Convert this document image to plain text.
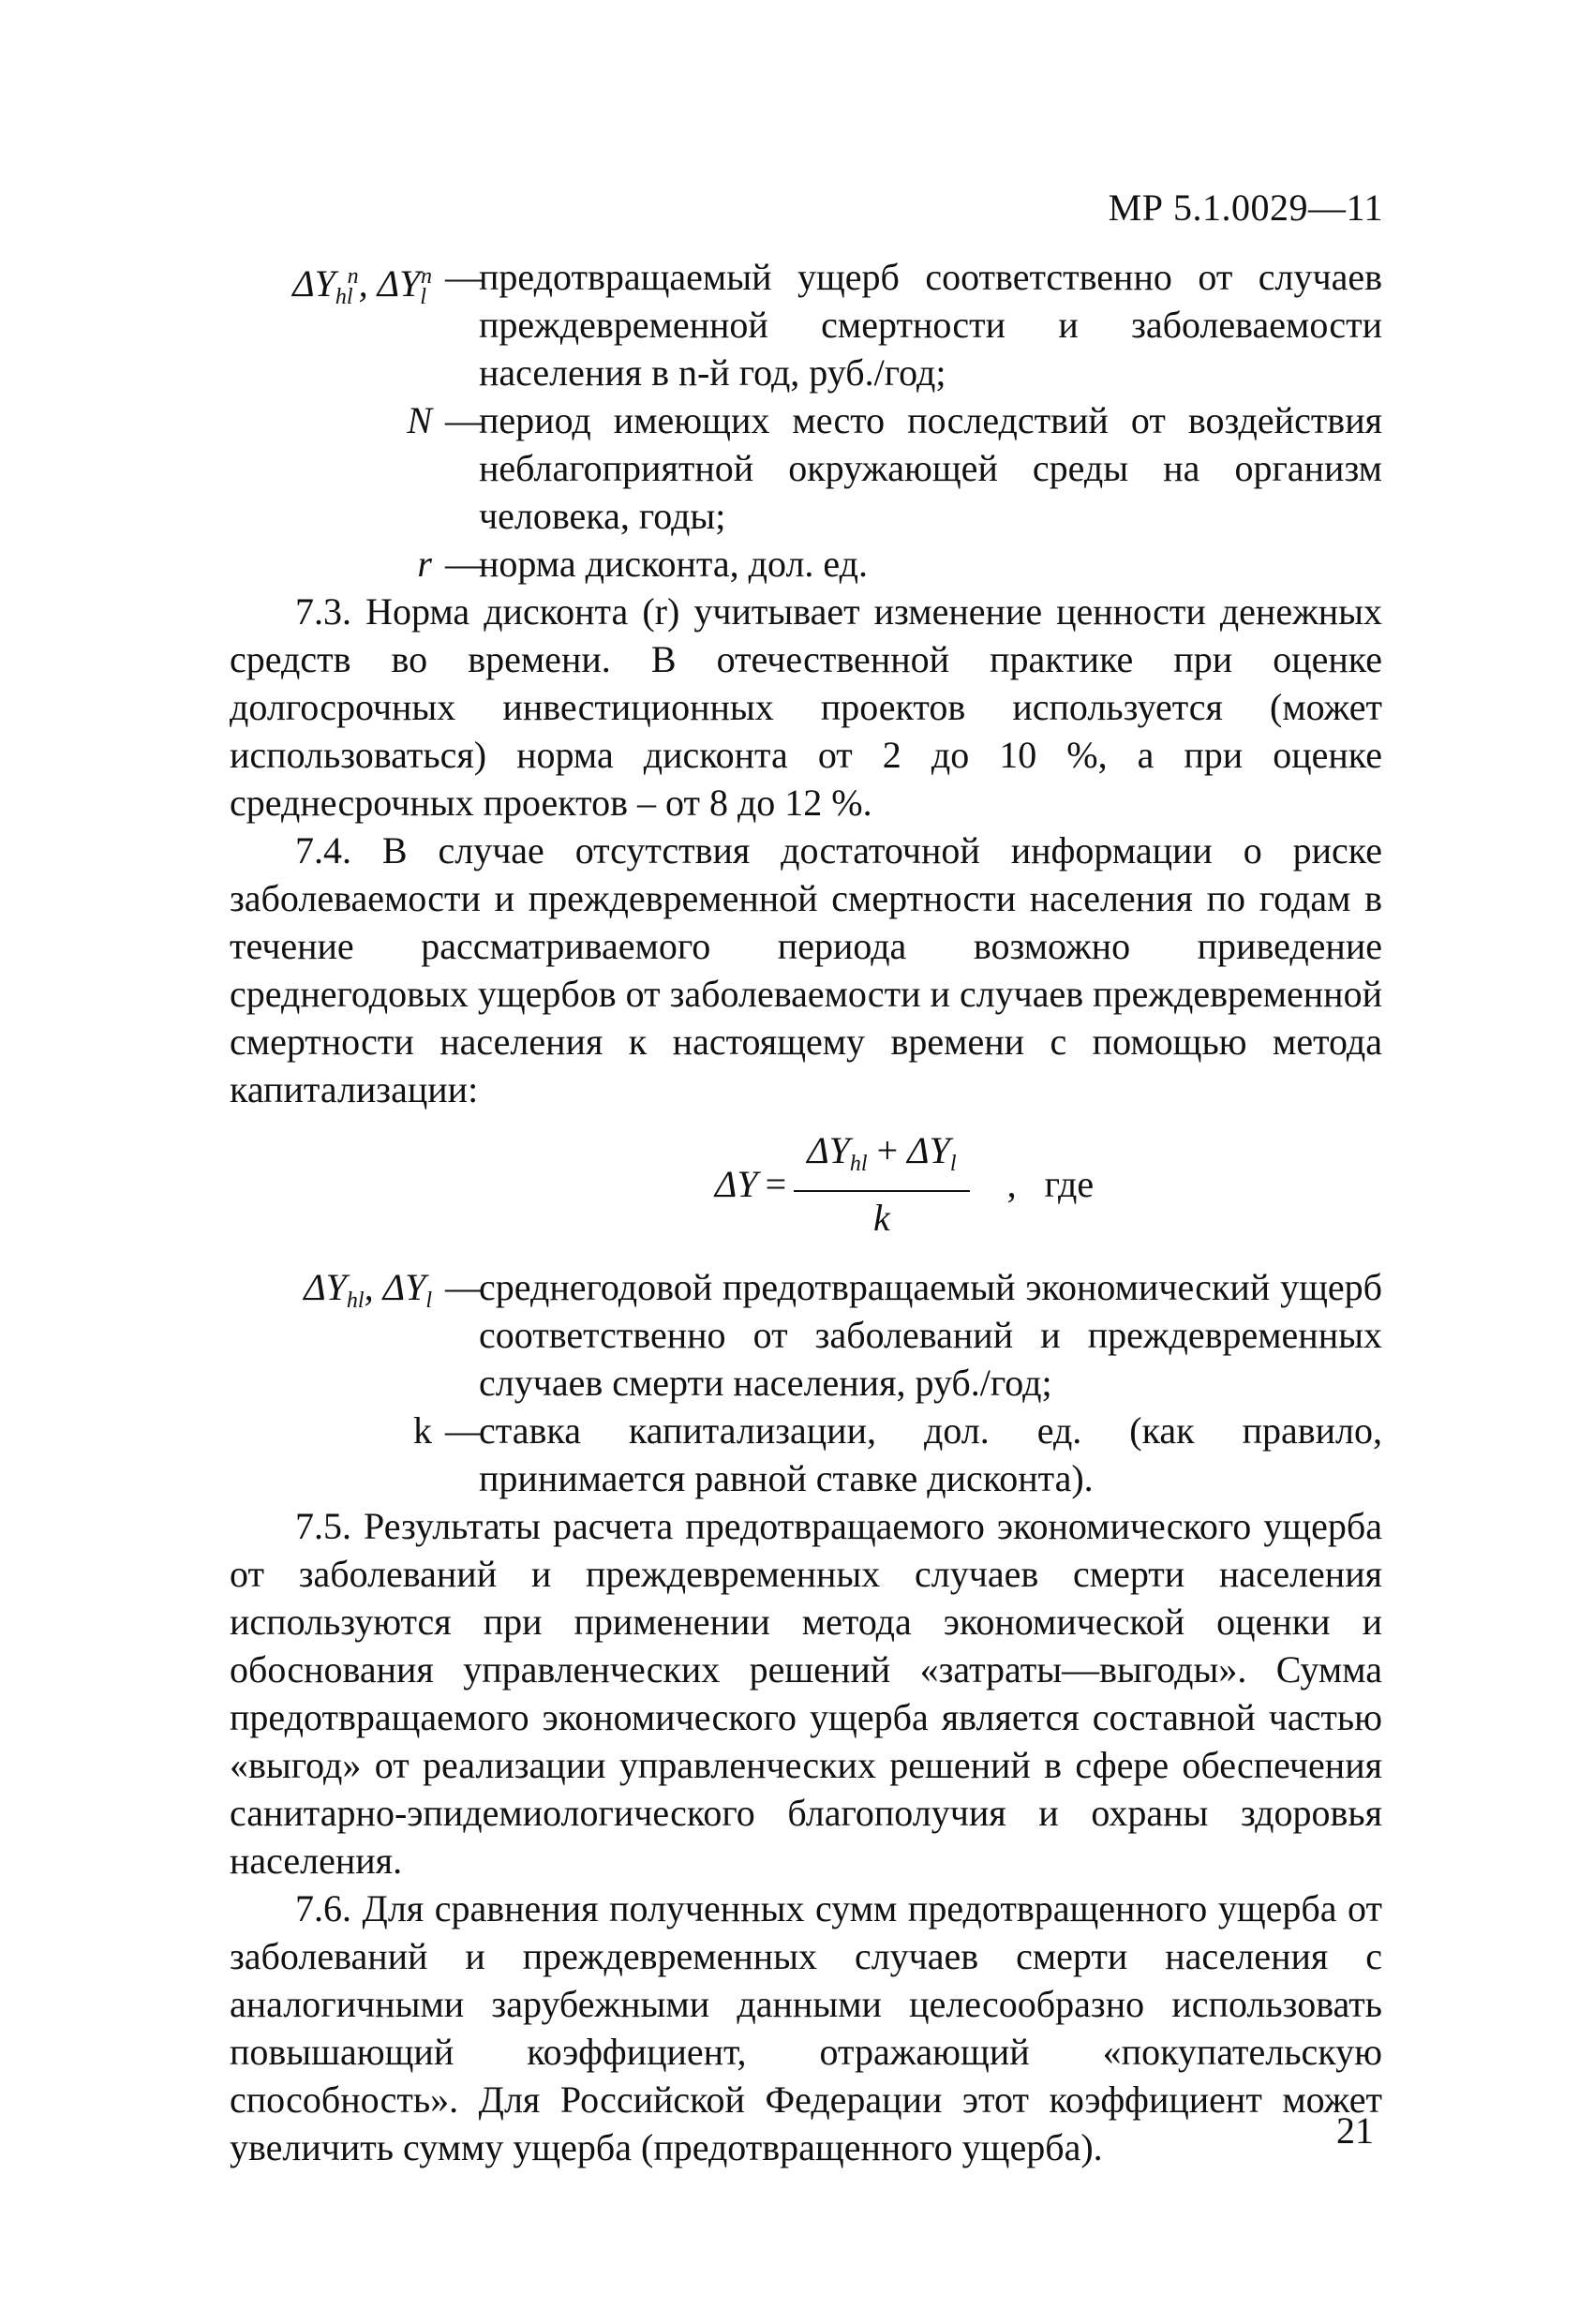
МР 5.1.0029—11
$\Delta Y_{hl}^n$, $\Delta Y_l^n$ —предотвращаемый ущерб соответственно от случаев преждевременной смертности и заболеваемости населения в n-й год, руб./год;
N —период имеющих место последствий от воздействия неблагоприятной окружающей среды на организм человека, годы;
r —норма дисконта, дол. ед.

7.3. Норма дисконта (r) учитывает изменение ценности денежных средств во времени. В отечественной практике при оценке долгосрочных инвестиционных проектов используется (может использоваться) норма дисконта от 2 до 10 %, а при оценке среднесрочных проектов – от 8 до 12 %.

7.4. В случае отсутствия достаточной информации о риске заболеваемости и преждевременной смертности населения по годам в течение рассматриваемого периода возможно приведение среднегодовых ущербов от заболеваемости и случаев преждевременной смертности населения к настоящему времени с помощью метода капитализации:

$\Delta Y = \frac{\Delta Y_{hl} + \Delta Y_l}{k}$ ,   где
$\Delta Y_{hl}$, $\Delta Y_l$ —среднегодовой предотвращаемый экономический ущерб соответственно от заболеваний и преждевременных случаев смерти населения, руб./год;
k —ставка капитализации, дол. ед. (как правило, принимается равной ставке дисконта).

7.5. Результаты расчета предотвращаемого экономического ущерба от заболеваний и преждевременных случаев смерти населения используются при применении метода экономической оценки и обоснования управленческих решений «затраты—выгоды». Сумма предотвращаемого экономического ущерба является составной частью «выгод» от реализации управленческих решений в сфере обеспечения санитарно-эпидемиологического благополучия и охраны здоровья населения.

7.6. Для сравнения полученных сумм предотвращенного ущерба от заболеваний и преждевременных случаев смерти населения с аналогичными зарубежными данными целесообразно использовать повышающий коэффициент, отражающий «покупательскую способность». Для Российской Федерации этот коэффициент может увеличить сумму ущерба (предотвращенного ущерба).	21
